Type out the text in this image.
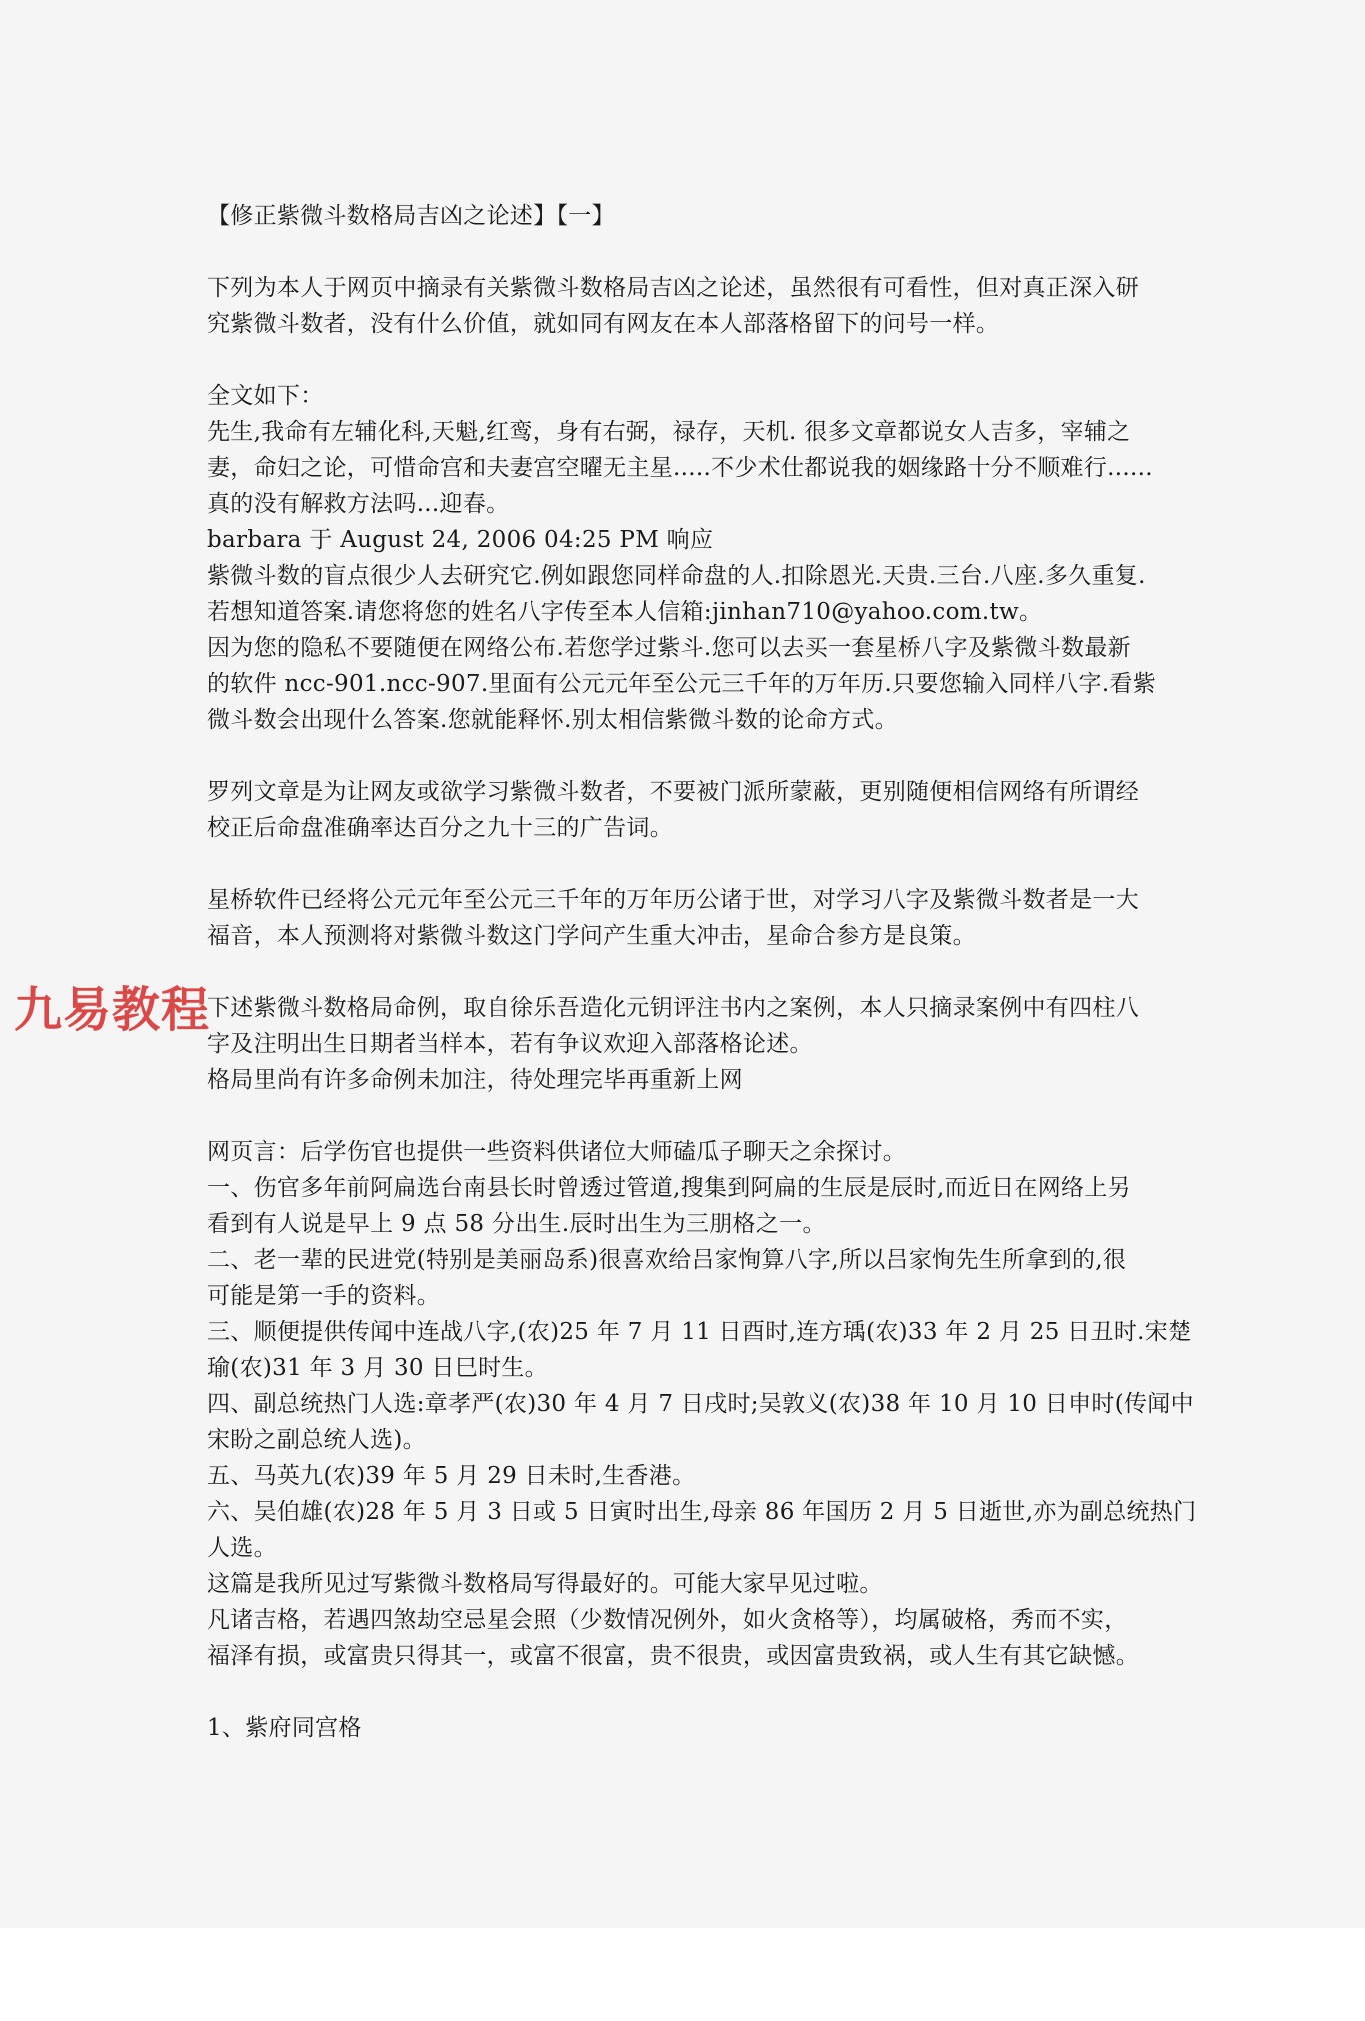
【修正紫微斗数格局吉凶之论述】【一】
下列为本人于网页中摘录有关紫微斗数格局吉凶之论述，虽然很有可看性，但对真正深入研
究紫微斗数者，没有什么价值，就如同有网友在本人部落格留下的问号一样。
全文如下：
先生,我命有左辅化科,天魁,红鸾，身有右弼，禄存，天机. 很多文章都说女人吉多，宰辅之
妻，命妇之论，可惜命宫和夫妻宫空曜无主星.....不少术仕都说我的姻缘路十分不顺难行......
真的没有解救方法吗...迎春。
barbara 于 August 24, 2006 04:25 PM 响应
紫微斗数的盲点很少人去研究它.例如跟您同样命盘的人.扣除恩光.天贵.三台.八座.多久重复.
若想知道答案.请您将您的姓名八字传至本人信箱:jinhan710@yahoo.com.tw。
因为您的隐私不要随便在网络公布.若您学过紫斗.您可以去买一套星桥八字及紫微斗数最新
的软件 ncc-901.ncc-907.里面有公元元年至公元三千年的万年历.只要您输入同样八字.看紫
微斗数会出现什么答案.您就能释怀.别太相信紫微斗数的论命方式。
罗列文章是为让网友或欲学习紫微斗数者，不要被门派所蒙蔽，更别随便相信网络有所谓经
校正后命盘准确率达百分之九十三的广告词。
星桥软件已经将公元元年至公元三千年的万年历公诸于世，对学习八字及紫微斗数者是一大
福音，本人预测将对紫微斗数这门学问产生重大冲击，星命合参方是良策。
下述紫微斗数格局命例，取自徐乐吾造化元钥评注书内之案例，本人只摘录案例中有四柱八
字及注明出生日期者当样本，若有争议欢迎入部落格论述。
格局里尚有许多命例未加注，待处理完毕再重新上网
网页言：后学伤官也提供一些资料供诸位大师磕瓜子聊天之余探讨。
一、伤官多年前阿扁选台南县长时曾透过管道,搜集到阿扁的生辰是辰时,而近日在网络上另
看到有人说是早上 9 点 58 分出生.辰时出生为三朋格之一。
二、老一辈的民进党(特别是美丽岛系)很喜欢给吕家恂算八字,所以吕家恂先生所拿到的,很
可能是第一手的资料。
三、顺便提供传闻中连战八字,(农)25 年 7 月 11 日酉时,连方瑀(农)33 年 2 月 25 日丑时.宋楚
瑜(农)31 年 3 月 30 日巳时生。
四、副总统热门人选:章孝严(农)30 年 4 月 7 日戌时;吴敦义(农)38 年 10 月 10 日申时(传闻中
宋盼之副总统人选)。
五、马英九(农)39 年 5 月 29 日未时,生香港。
六、吴伯雄(农)28 年 5 月 3 日或 5 日寅时出生,母亲 86 年国历 2 月 5 日逝世,亦为副总统热门
人选。
这篇是我所见过写紫微斗数格局写得最好的。可能大家早见过啦。
凡诸吉格，若遇四煞劫空忌星会照（少数情况例外，如火贪格等），均属破格，秀而不实，
福泽有损，或富贵只得其一，或富不很富，贵不很贵，或因富贵致祸，或人生有其它缺憾。
1、紫府同宫格
九易教程
